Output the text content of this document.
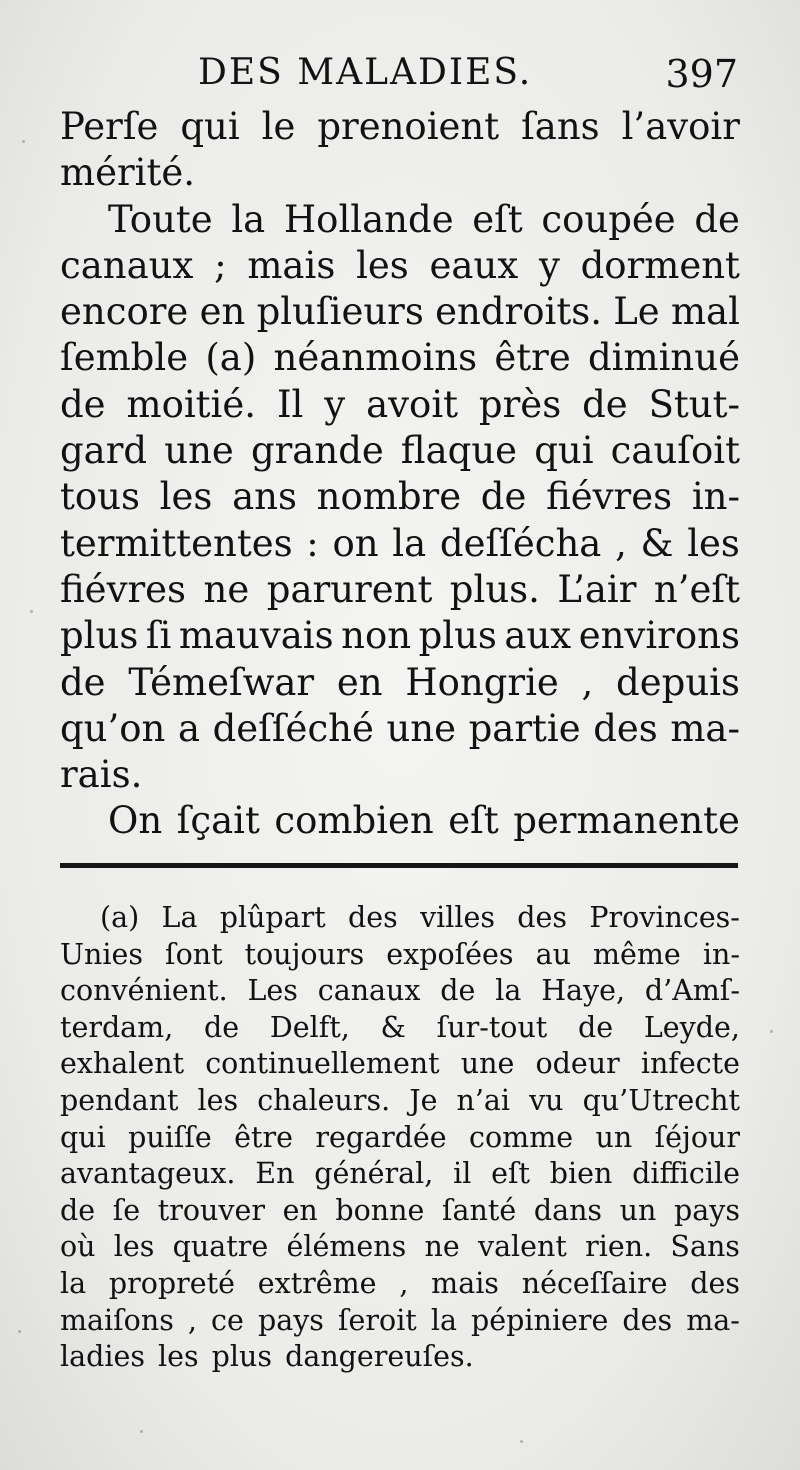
DES MALADIES.	397
Perſe qui le prenoient ſans l’avoir
mérité.
Toute la Hollande eſt coupée de
canaux ; mais les eaux y dorment
encore en pluſieurs endroits. Le mal
ſemble (a) néanmoins être diminué
de moitié. Il y avoit près de Stut-
gard une grande flaque qui cauſoit
tous les ans nombre de fiévres in-
termittentes : on la deſſécha , & les
fiévres ne parurent plus. L’air n’eſt
plus ſi mauvais non plus aux environs
de Témeſwar en Hongrie , depuis
qu’on a deſſéché une partie des ma-
rais.
On ſçait combien eſt permanente
(a) La plûpart des villes des Provinces-
Unies ſont toujours expoſées au même in-
convénient. Les canaux de la Haye, d’Amſ-
terdam, de Delft, & ſur-tout de Leyde,
exhalent continuellement une odeur infecte
pendant les chaleurs. Je n’ai vu qu’Utrecht
qui puiſſe être regardée comme un ſéjour
avantageux. En général, il eſt bien difficile
de ſe trouver en bonne ſanté dans un pays
où les quatre élémens ne valent rien. Sans
la propreté extrême , mais néceſſaire des
maiſons , ce pays ſeroit la pépiniere des ma-
ladies les plus dangereuſes.
